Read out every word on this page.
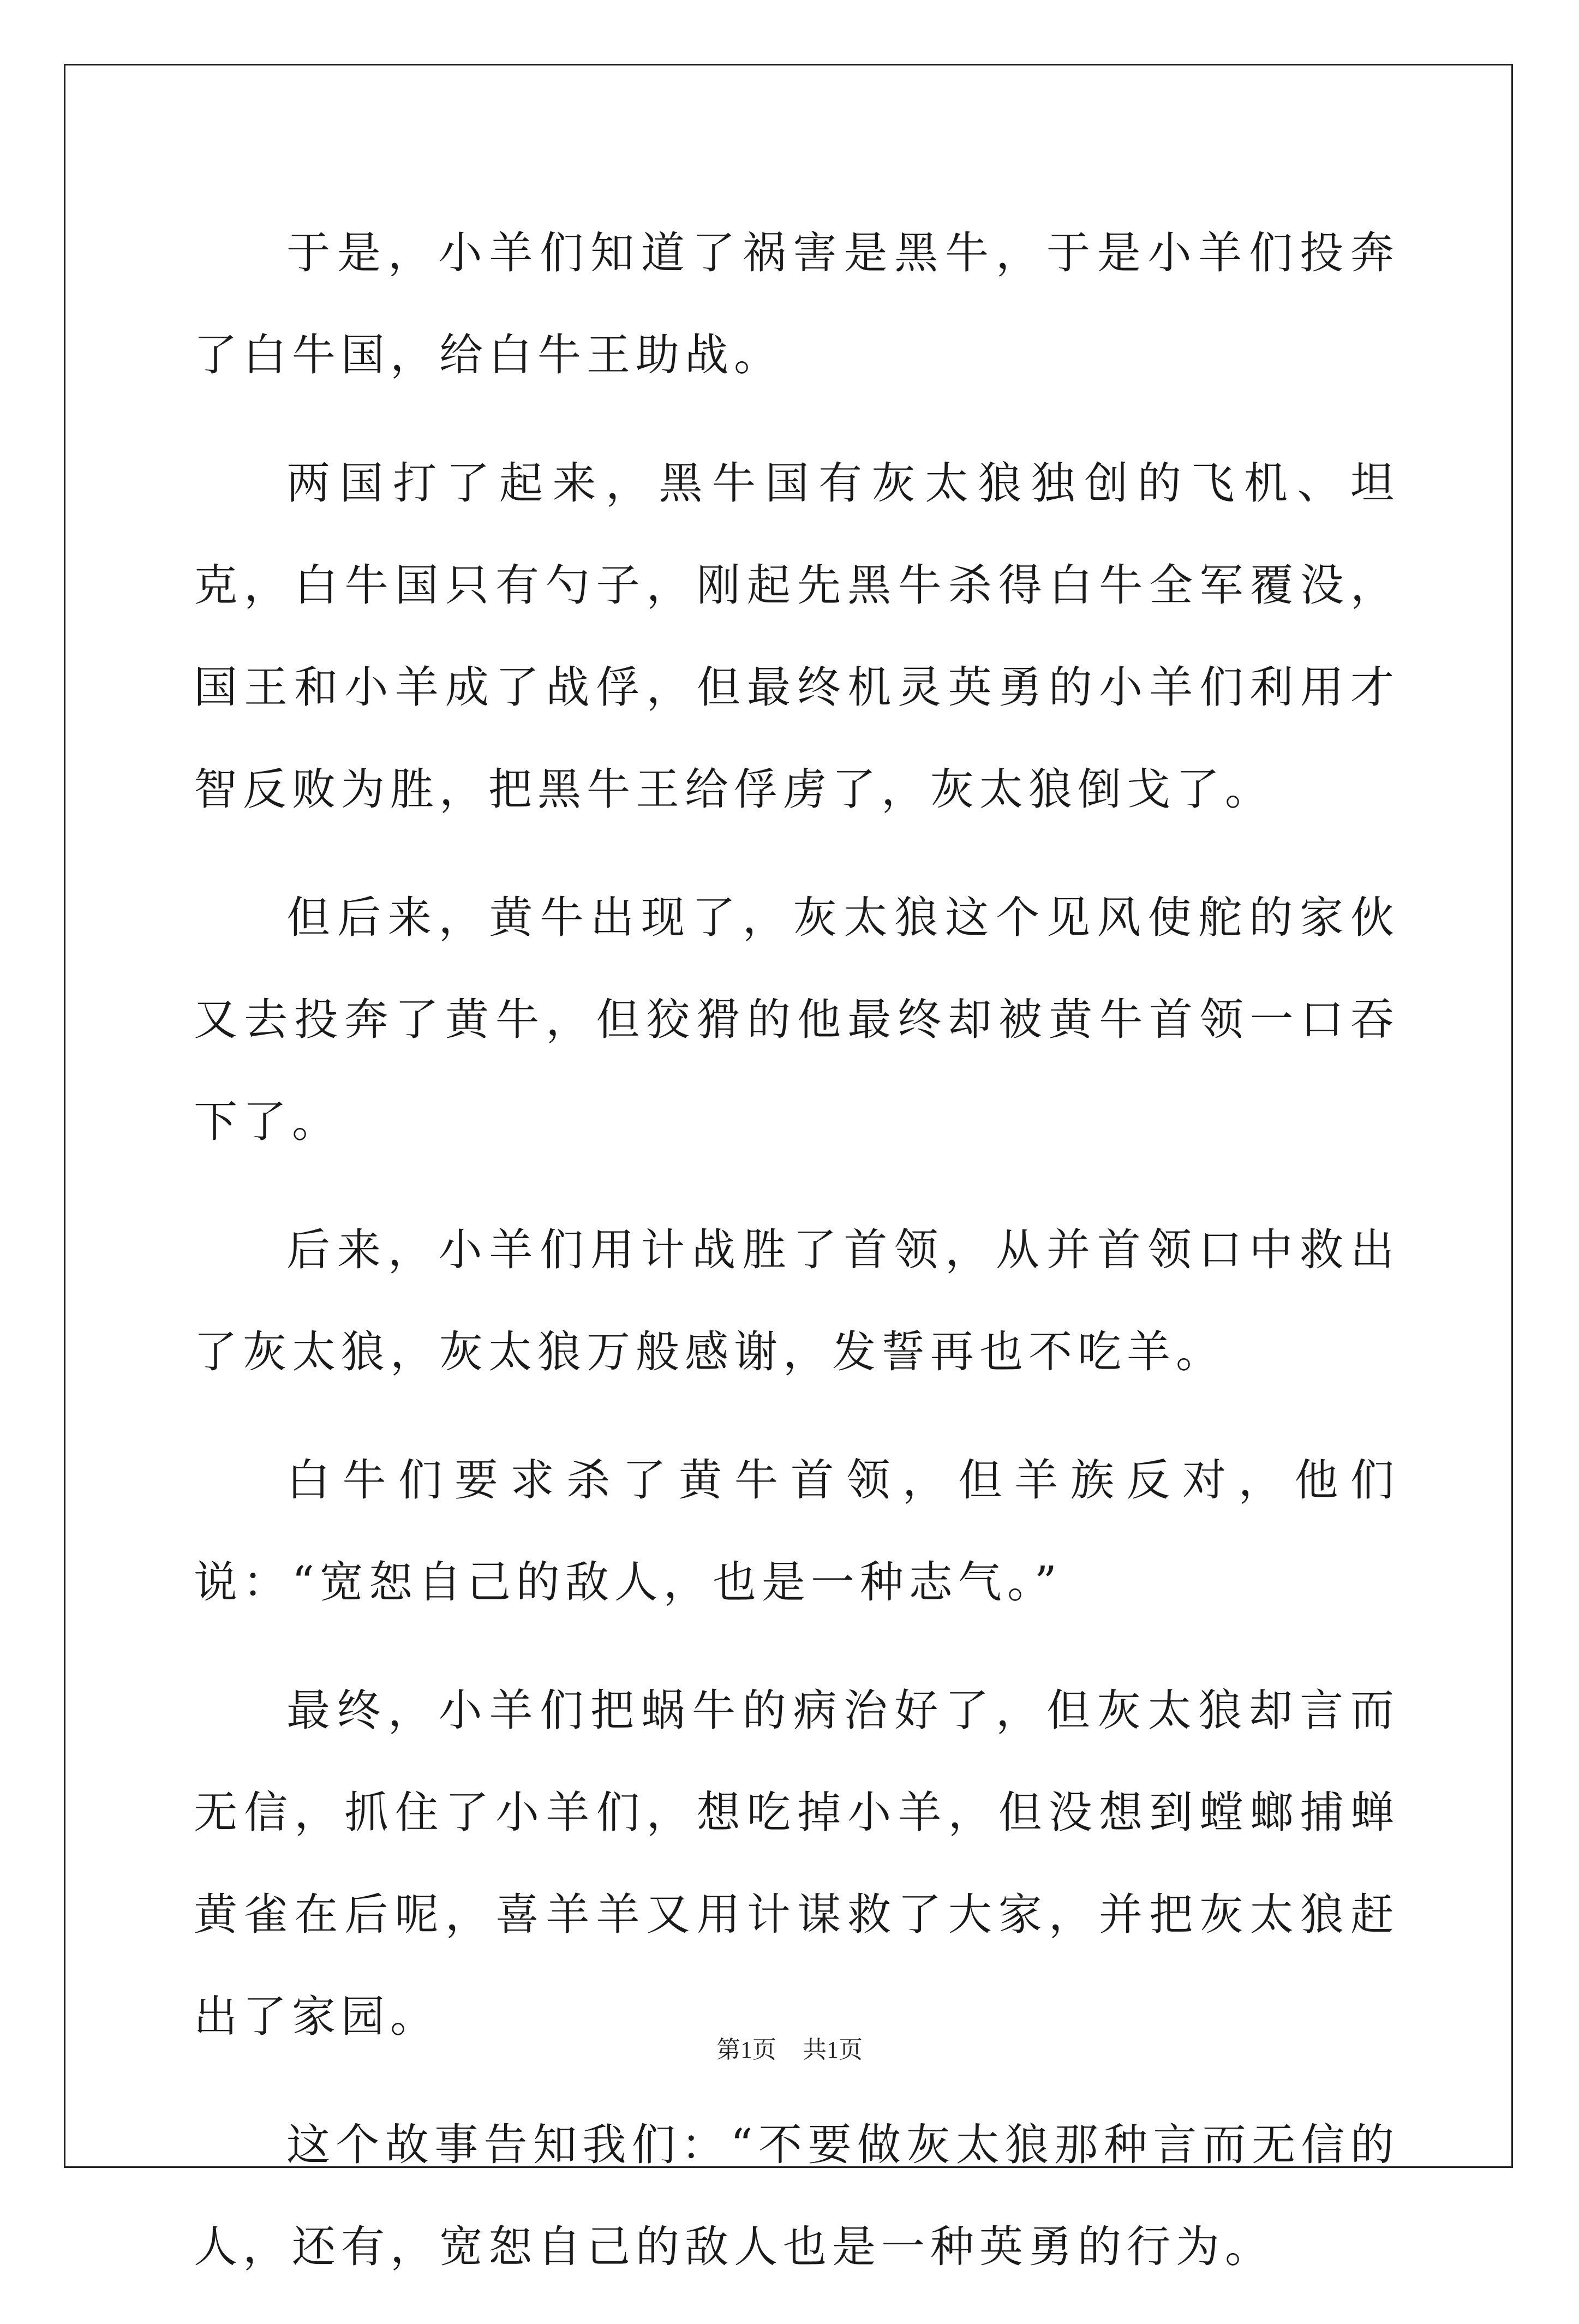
于是，小羊们知道了祸害是黑牛，于是小羊们投奔了白牛国，给白牛王助战。

两国打了起来，黑牛国有灰太狼独创的飞机、坦克，白牛国只有勺子，刚起先黑牛杀得白牛全军覆没，国王和小羊成了战俘，但最终机灵英勇的小羊们利用才智反败为胜，把黑牛王给俘虏了，灰太狼倒戈了。

但后来，黄牛出现了，灰太狼这个见风使舵的家伙又去投奔了黄牛，但狡猾的他最终却被黄牛首领一口吞下了。

后来，小羊们用计战胜了首领，从并首领口中救出了灰太狼，灰太狼万般感谢，发誓再也不吃羊。

白牛们要求杀了黄牛首领，但羊族反对，他们说：“宽恕自己的敌人，也是一种志气。”

最终，小羊们把蜗牛的病治好了，但灰太狼却言而无信，抓住了小羊们，想吃掉小羊，但没想到螳螂捕蝉黄雀在后呢，喜羊羊又用计谋救了大家，并把灰太狼赶出了家园。

这个故事告知我们：“不要做灰太狼那种言而无信的人，还有，宽恕自己的敌人也是一种英勇的行为。

第1页 共1页
